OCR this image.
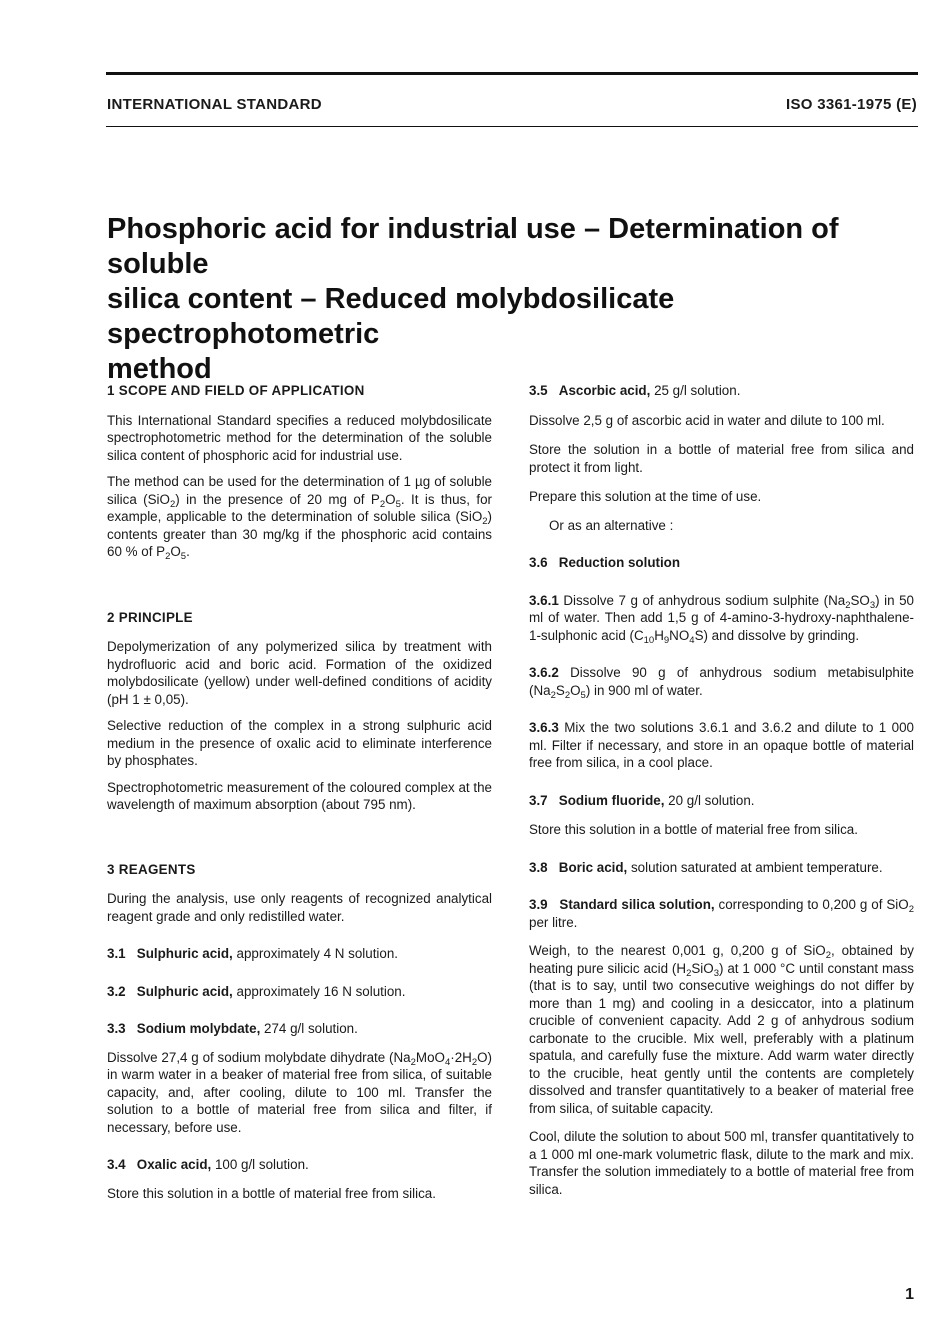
INTERNATIONAL STANDARD	ISO 3361-1975 (E)
Phosphoric acid for industrial use – Determination of soluble
silica content – Reduced molybdosilicate spectrophotometric
method

1 SCOPE AND FIELD OF APPLICATION

This International Standard specifies a reduced molybdosilicate spectrophotometric method for the determination of the soluble silica content of phosphoric acid for industrial use.

The method can be used for the determination of 1 µg of soluble silica (SiO$_2$) in the presence of 20 mg of $P_2O_5$. It is thus, for example, applicable to the determination of soluble silica (SiO$_2$) contents greater than 30 mg/kg if the phosphoric acid contains 60 % of $P_2O_5$.

2 PRINCIPLE

Depolymerization of any polymerized silica by treatment with hydrofluoric acid and boric acid. Formation of the oxidized molybdosilicate (yellow) under well-defined conditions of acidity (pH 1 ± 0,05).

Selective reduction of the complex in a strong sulphuric acid medium in the presence of oxalic acid to eliminate interference by phosphates.

Spectrophotometric measurement of the coloured complex at the wavelength of maximum absorption (about 795 nm).

3 REAGENTS

During the analysis, use only reagents of recognized analytical reagent grade and only redistilled water.

3.1 Sulphuric acid, approximately 4 N solution.

3.2 Sulphuric acid, approximately 16 N solution.

3.3 Sodium molybdate, 274 g/l solution.

Dissolve 27,4 g of sodium molybdate dihydrate $(Na_2MoO_4\cdot 2H_2O)$ in warm water in a beaker of material free from silica, of suitable capacity, and, after cooling, dilute to 100 ml. Transfer the solution to a bottle of material free from silica and filter, if necessary, before use.

3.4 Oxalic acid, 100 g/l solution.

Store this solution in a bottle of material free from silica.

3.5 Ascorbic acid, 25 g/l solution.

Dissolve 2,5 g of ascorbic acid in water and dilute to 100 ml.

Store the solution in a bottle of material free from silica and protect it from light.

Prepare this solution at the time of use.

Or as an alternative :

3.6 Reduction solution

3.6.1 Dissolve 7 g of anhydrous sodium sulphite $(Na_2SO_3)$ in 50 ml of water. Then add 1,5 g of 4-amino-3-hydroxy-naphthalene-1-sulphonic acid $(C_{10}H_9NO_4S)$ and dissolve by grinding.

3.6.2 Dissolve 90 g of anhydrous sodium metabisulphite $(Na_2S_2O_5)$ in 900 ml of water.

3.6.3 Mix the two solutions 3.6.1 and 3.6.2 and dilute to 1 000 ml. Filter if necessary, and store in an opaque bottle of material free from silica, in a cool place.

3.7 Sodium fluoride, 20 g/l solution.

Store this solution in a bottle of material free from silica.

3.8 Boric acid, solution saturated at ambient temperature.

3.9 Standard silica solution, corresponding to 0,200 g of SiO$_2$ per litre.

Weigh, to the nearest 0,001 g, 0,200 g of SiO$_2$, obtained by heating pure silicic acid $(H_2SiO_3)$ at 1 000 °C until constant mass (that is to say, until two consecutive weighings do not differ by more than 1 mg) and cooling in a desiccator, into a platinum crucible of convenient capacity. Add 2 g of anhydrous sodium carbonate to the crucible. Mix well, preferably with a platinum spatula, and carefully fuse the mixture. Add warm water directly to the crucible, heat gently until the contents are completely dissolved and transfer quantitatively to a beaker of material free from silica, of suitable capacity.

Cool, dilute the solution to about 500 ml, transfer quantitatively to a 1 000 ml one-mark volumetric flask, dilute to the mark and mix. Transfer the solution immediately to a bottle of material free from silica.

1
